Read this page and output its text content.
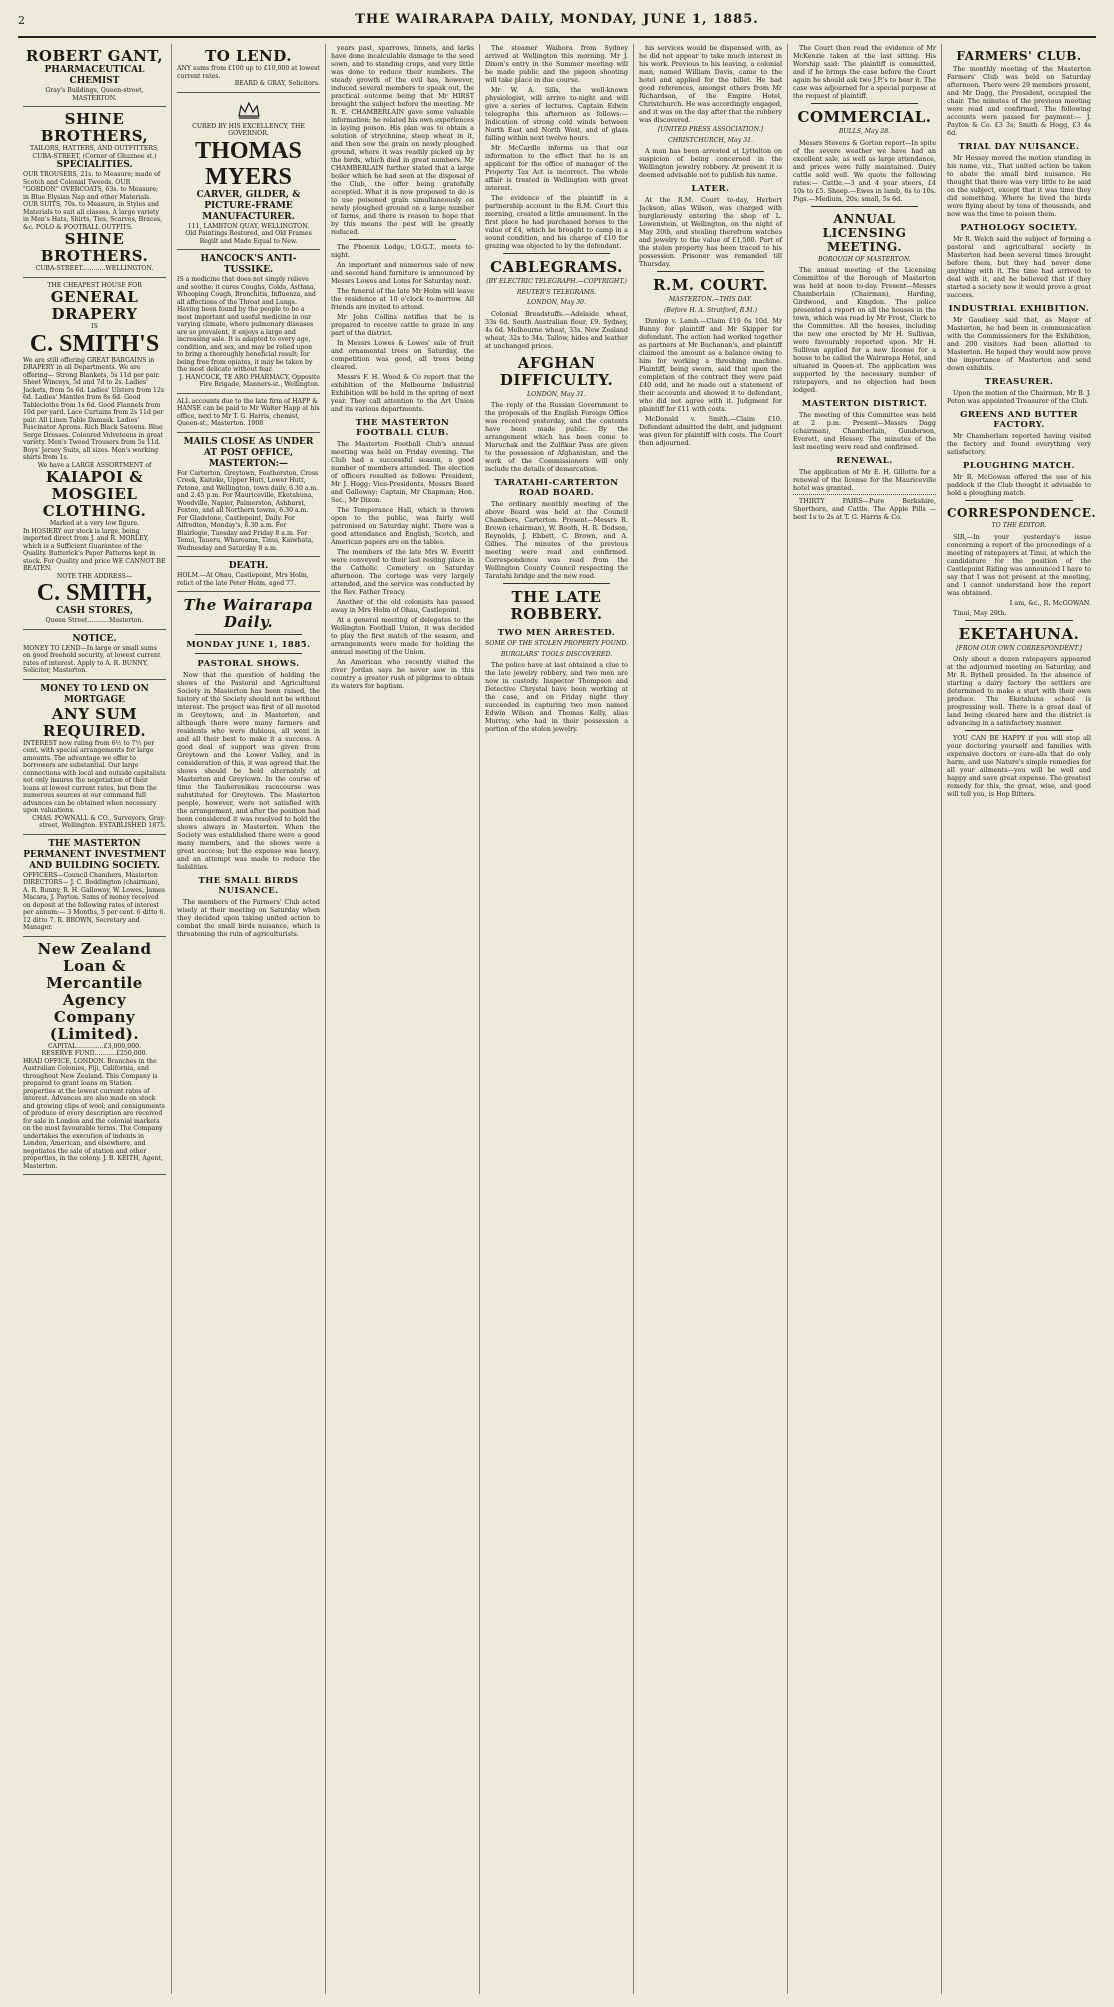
2	THE WAIRARAPA DAILY, MONDAY, JUNE 1, 1885.
ROBERT GANT,
PHARMACEUTICAL CHEMIST
Gray's Buildings, Queen-street,
MASTERTON.
SHINE BROTHERS,
TAILORS, HATTERS, AND OUTFITTERS,
CUBA-STREET, (Corner of Ghuznee st.)
SPECIALITIES.
OUR TROUSERS, 21s. to Measure; made of Scotch and Colonial Tweeds. OUR "GORDON" OVERCOATS, 63s. to Measure; in Blue Elysian Nap and other Materials. OUR SUITS, 70s. to Measure, in Styles and Materials to suit all classes. A large variety in Men's Hats, Shirts, Ties, Scarves, Braces, &c. POLO & FOOTBALL OUTFITS.
SHINE BROTHERS.
CUBA-STREET............WELLINGTON.
THE CHEAPEST HOUSE FOR
GENERAL DRAPERY
IS
C. SMITH'S
We are still offering GREAT BARGAINS in DRAPERY in all Departments. We are offering— Strong Blankets, 5s 11d per pair. Sheet Winceys, 5d and 7d to 2s. Ladies' Jackets, from 5s 6d. Ladies' Ulsters from 12s 6d. Ladies' Mantles from 8s 6d. Good Tablecloths from 1s 6d. Good Flannels from 10d per yard. Lace Curtains from 2s 11d per pair. All Linen Table Damask. Ladies' Fascinator Aprons. Rich Black Sateens. Blue Serge Dresses. Coloured Velveteens in great variety. Men's Tweed Trousers from 5s 11d. Boys' Jersey Suits, all sizes. Men's working shirts from 1s.
We have a LARGE ASSORTMENT of
KAIAPOI & MOSGIEL
CLOTHING.
Marked at a very low figure.
In HOSIERY our stock is large, being imported direct from J. and R. MORLEY, which is a Sufficient Guarantee of the Quality. Butterick's Paper Patterns kept in stock. For Quality and price WE CANNOT BE BEATEN.
NOTE THE ADDRESS—
C. SMITH,
CASH STORES,
Queen Street...........Masterton.
NOTICE.
MONEY TO LEND—In large or small sums on good freehold security, at lowest current rates of interest. Apply to A. R. BUNNY, Solicitor, Masterton.
MONEY TO LEND ON MORTGAGE
ANY SUM REQUIRED.
INTEREST now ruling from 6½ to 7½ per cent. with special arrangements for large amounts. The advantage we offer to borrowers are substantial. Our large connections with local and outside capitalists not only insures the negotiation of their loans at lowest current rates, but from the numerous sources at our command full advances can be obtained when necessary upon valuations.
CHAS. POWNALL & CO., Surveyors, Gray-street, Wellington. ESTABLISHED 1875.
THE MASTERTON PERMANENT INVESTMENT AND BUILDING SOCIETY.
OFFICERS—Council Chambers, Masterton DIRECTORS— J. C. Boddington (chairman), A. R. Bunny, R. H. Galloway, W. Lowes, James Macara, J. Payton. Sums of money received on deposit at the following rates of interest per annum:— 3 Months, 5 per cent. 6 ditto 6. 12 ditto 7. R. BROWN, Secretary and Manager.
New Zealand Loan & Mercantile Agency Company (Limited).
CAPITAL..............£3,000,000.
RESERVE FUND...........£250,000.
HEAD OFFICE, LONDON. Branches in the Australian Colonies, Fiji, California, and throughout New Zealand. This Company is prepared to grant loans on Station properties at the lowest current rates of interest. Advances are also made on stock and growing clips of wool; and consignments of produce of every description are received for sale in London and the colonial markets on the most favourable terms. The Company undertakes the execution of indents in London, American, and elsewhere, and negotiates the sale of station and other properties, in the colony. J. B. KEITH, Agent, Masterton.
TO LEND.
ANY sums from £100 up to £10,000 at lowest current rates.
BEARD & GRAY, Solicitors.
CURED BY HIS EXCELLENCY, THE GOVERNOR.
THOMAS MYERS
CARVER, GILDER, & PICTURE-FRAME MANUFACTURER.
111, LAMBTON QUAY, WELLINGTON.
Old Paintings Restored, and Old Frames Regilt and Made Equal to New.
HANCOCK'S ANTI-TUSSIKE.
IS a medicine that does not simply relieve and soothe; it cures Coughs, Colds, Asthma, Whooping Cough, Bronchitis, Influenza, and all affections of the Throat and Lungs. Having been found by the people to be a most important and useful medicine in our varying climate, where pulmonary diseases are so prevalent, it enjoys a large and increasing sale. It is adapted to every age, condition, and sex, and may be relied upon to bring a thoroughly beneficial result; for being free from opiates, it may be taken by the most delicate without fear.
J. HANCOCK, TE ARO PHARMACY, Opposite Fire Brigade, Manners-st., Wellington.
ALL accounts due to the late firm of HAPP & HANSE can be paid to Mr Walter Happ at his office, next to Mr T. G. Harris, chemist, Queen-st., Masterton. 1908
MAILS CLOSE AS UNDER AT POST OFFICE, MASTERTON:—
For Carterton, Greytown, Featherston, Cross Creek, Kaitoke, Upper Hutt, Lower Hutt, Petone, and Wellington, town daily, 6.30 a.m. and 2.45 p.m. For Mauriceville, Eketahuna, Woodville, Napier, Palmerston, Ashhurst, Foxton, and all Northern towns, 6.30 a.m. For Gladstone, Castlepoint, Daily. For Alfredton, Monday's, 6.30 a.m. For Blairlogie, Tuesday and Friday 8 a.m. For Tenui, Taueru, Whareama, Tinui, Kaiwhata, Wednesday and Saturday 8 a.m.
DEATH.
HOLM.—At Ohau, Castlepoint, Mrs Holm, relict of the late Peter Holm, aged 77.
The Wairarapa Daily.
MONDAY JUNE 1, 1885.
PASTORAL SHOWS.

Now that the question of holding the shows of the Pastoral and Agricultural Society in Masterton has been raised, the history of the Society should not be without interest. The project was first of all mooted in Greytown, and in Masterton, and although there were many farmers and residents who were dubious, all went in and all their best to make it a success. A good deal of support was given from Greytown and the Lower Valley, and in consideration of this, it was agreed that the shows should be held alternately at Masterton and Greytown. In the course of time the Tauherenikau racecourse was substituted for Greytown. The Masterton people, however, were not satisfied with the arrangement, and after the position had been considered it was resolved to hold the shows always in Masterton. When the Society was established there were a good many members, and the shows were a great success; but the expense was heavy, and an attempt was made to reduce the liabilities.

THE SMALL BIRDS NUISANCE.

The members of the Farmers' Club acted wisely at their meeting on Saturday when they decided upon taking united action to combat the small birds nuisance, which is threatening the ruin of agriculturists.

years past, sparrows, linnets, and larks have done incalculable damage to the seed sown, and to standing crops, and very little was done to reduce their numbers. The steady growth of the evil has, however, induced several members to speak out, the practical outcome being that Mr HIRST brought the subject before the meeting. Mr R. E. CHAMBERLAIN gave some valuable information; he related his own experiences in laying poison. His plan was to obtain a solution of strychnine, steep wheat in it, and then sow the grain on newly ploughed ground, where it was readily picked up by the birds, which died in great numbers. Mr CHAMBERLAIN further stated that a large boiler which he had seen at the disposal of the Club, the offer being gratefully accepted. What it is now proposed to do is to use poisoned grain simultaneously on newly ploughed ground on a large number of farms, and there is reason to hope that by this means the pest will be greatly reduced.

The Phoenix Lodge, I.O.G.T., meets to-night.

An important and numerous sale of new and second hand furniture is announced by Messrs Lowes and Loms for Saturday next.

The funeral of the late Mr Holm will leave the residence at 10 o'clock to-morrow. All friends are invited to attend.

Mr John Collins notifies that he is prepared to receive cattle to graze in any part of the district.

In Messrs Lowes & Lowes' sale of fruit and ornamental trees on Saturday, the competition was good, all trees being cleared.

Messrs F. H. Wood & Co report that the exhibition of the Melbourne Industrial Exhibition will be held in the spring of next year. They call attention to the Art Union and its various departments.

THE MASTERTON FOOTBALL CLUB.

The Masterton Football Club's annual meeting was held on Friday evening. The Club had a successful season, a good number of members attended. The election of officers resulted as follows: President, Mr J. Hogg; Vice-Presidents, Messrs Beard and Galloway; Captain, Mr Chapman; Hon. Sec., Mr Dixon.

The Temperance Hall, which is thrown open to the public, was fairly well patronised on Saturday night. There was a good attendance and English, Scotch, and American papers are on the tables.

The members of the late Mrs W. Everitt were conveyed to their last resting place in the Catholic Cemetery on Saturday afternoon. The cortege was very largely attended, and the service was conducted by the Rev. Father Treacy.

Another of the old colonists has passed away in Mrs Holm of Ohau, Castlepoint.

At a general meeting of delegates to the Wellington Football Union, it was decided to play the first match of the season, and arrangements were made for holding the annual meeting of the Union.

An American who recently visited the river Jordan says he never saw in this country a greater rush of pilgrims to obtain its waters for baptism.

The steamer Waihora from Sydney arrived at Wellington this morning. Mr J. Dixon's entry in the Summer meeting will be made public and the pigeon shooting will take place in due course.

Mr W. A. Sills, the well-known physiologist, will arrive to-night and will give a series of lectures. Captain Edwin telegraphs this afternoon as follows:— Indication of strong cold winds between North East and North West, and of glass falling within next twelve hours.

Mr McCardle informs us that our information to the effect that he is an applicant for the office of manager of the Property Tax Act is incorrect. The whole affair is treated in Wellington with great interest.

The evidence of the plaintiff in a partnership account in the R.M. Court this morning, created a little amusement. In the first place he had purchased horses to the value of £4, which he brought to camp in a sound condition, and his charge of £10 for grazing was objected to by the defendant.

CABLEGRAMS.
(BY ELECTRIC TELEGRAPH.—COPYRIGHT.)
REUTER'S TELEGRAMS.
LONDON, May 30.

Colonial Breadstuffs.—Adelaide wheat, 33s 6d. South Australian flour, £9. Sydney, 4s 6d. Melbourne wheat, 33s. New Zealand wheat, 32s to 34s. Tallow, hides and leather at unchanged prices.

AFGHAN DIFFICULTY.
LONDON, May 31.

The reply of the Russian Government to the proposals of the English Foreign Office was received yesterday, and the contents have been made public. By the arrangement which has been come to Maruchak and the Zulfikar Pass are given to the possession of Afghanistan, and the work of the Commissioners will only include the details of demarcation.

TARATAHI-CARTERTON ROAD BOARD.

The ordinary monthly meeting of the above Board was held at the Council Chambers, Carterton. Present—Messrs R. Brown (chairman), W. Booth, H. R. Dodson, Reynolds, J. Ebbett, C. Brown, and A. Gillies. The minutes of the previous meeting were read and confirmed. Correspondence was read from the Wellington County Council respecting the Taratahi bridge and the new road.

THE LATE ROBBERY.
TWO MEN ARRESTED.
SOME OF THE STOLEN PROPERTY FOUND.
BURGLARS' TOOLS DISCOVERED.

The police have at last obtained a clue to the late jewelry robbery, and two men are now in custody. Inspector Thompson and Detective Chrystal have been working at the case, and on Friday night they succeeded in capturing two men named Edwin Wilson and Thomas Kelly, alias Murray, who had in their possession a portion of the stolen jewelry.

his services would be dispensed with, as he did not appear to take much interest in his work. Previous to his leaving, a colonial man, named William Davis, came to the hotel and applied for the billet. He had good references, amongst others from Mr Richardson, of the Empire Hotel, Christchurch. He was accordingly engaged, and it was on the day after that the robbery was discovered.

[UNITED PRESS ASSOCIATION.]
CHRISTCHURCH, May 31.

A man has been arrested at Lyttelton on suspicion of being concerned in the Wellington jewelry robbery. At present it is deemed advisable not to publish his name.

LATER.

At the R.M. Court to-day, Herbert Jackson, alias Wilson, was charged with burglariously entering the shop of L. Lowenstein, at Wellington, on the night of May 20th, and stealing therefrom watches and jewelry to the value of £1,500. Part of the stolen property has been traced to his possession. Prisoner was remanded till Thursday.

R.M. COURT.
MASTERTON.—THIS DAY.
(Before H. A. Stratford, R.M.)

Dunlop v. Lamb.—Claim £19 6s 10d. Mr Bunny for plaintiff and Mr Skipper for defendant. The action had worked together as partners at Mr Buchanan's, and plaintiff claimed the amount as a balance owing to him for working a threshing machine. Plaintiff, being sworn, said that upon the completion of the contract they were paid £40 odd, and he made out a statement of their accounts and showed it to defendant, who did not agree with it. Judgment for plaintiff for £11 with costs.

McDonald v. Smith.—Claim £10. Defendant admitted the debt, and judgment was given for plaintiff with costs. The Court then adjourned.

The Court then read the evidence of Mr McKenzie taken at the last sitting. His Worship said: The plaintiff is committed, and if he brings the case before the Court again he should ask two J.P.'s to hear it. The case was adjourned for a special purpose at the request of plaintiff.

COMMERCIAL.
BULLS, May 28.

Messrs Stevens & Gorton report—In spite of the severe weather we have had an excellent sale, as well as large attendance, and prices were fully maintained. Dairy cattle sold well. We quote the following rates:— Cattle.—3 and 4 year steers, £4 10s to £5. Sheep.—Ewes in lamb, 6s to 10s. Pigs.—Medium, 20s; small, 5s 6d.

ANNUAL LICENSING MEETING.
BOROUGH OF MASTERTON.

The annual meeting of the Licensing Committee of the Borough of Masterton was held at noon to-day. Present—Messrs Chamberlain (Chairman), Harding, Girdwood, and Kingdon. The police presented a report on all the houses in the town, which was read by Mr Frost, Clerk to the Committee. All the houses, including the new one erected by Mr H. Sullivan, were favourably reported upon. Mr H. Sullivan applied for a new license for a house to be called the Wairarapa Hotel, and situated in Queen-st. The application was supported by the necessary number of ratepayers, and no objection had been lodged.

MASTERTON DISTRICT.

The meeting of this Committee was held at 2 p.m. Present—Messrs Dagg (chairman), Chamberlain, Gunderson, Everett, and Hessey. The minutes of the last meeting were read and confirmed.

RENEWAL.

The application of Mr E. H. Gillotte for a renewal of the license for the Mauriceville hotel was granted.

THIRTY PAIRS—Pure Berkshire, Shorthorn, and Cattle. The Apple Pills — best 1s to 2s at T. G. Harris & Co.

FARMERS' CLUB.

The monthly meeting of the Masterton Farmers' Club was held on Saturday afternoon. There were 29 members present, and Mr Dagg, the President, occupied the chair. The minutes of the previous meeting were read and confirmed. The following accounts were passed for payment:— J. Payton & Co. £3 3s; Smith & Hogg, £3 4s 6d.

TRIAL DAY NUISANCE.

Mr Hessey moved the motion standing in his name, viz., That united action be taken to abate the small bird nuisance. He thought that there was very little to be said on the subject, except that it was time they did something. Where he lived the birds were flying about by tens of thousands, and now was the time to poison them.

PATHOLOGY SOCIETY.

Mr R. Welch said the subject of forming a pastoral and agricultural society in Masterton had been several times brought before them, but they had never done anything with it. The time had arrived to deal with it, and he believed that if they started a society now it would prove a great success.

INDUSTRIAL EXHIBITION.

Mr Gaudieey said that, as Mayor of Masterton, he had been in communication with the Commissioners for the Exhibition, and 200 visitors had been allotted to Masterton. He hoped they would now prove the importance of Masterton and send down exhibits.

TREASURER.

Upon the motion of the Chairman, Mr B. J. Peton was appointed Treasurer of the Club.

GREENS AND BUTTER FACTORY.

Mr Chamberlain reported having visited the factory and found everything very satisfactory.

PLOUGHING MATCH.

Mr R. McGowan offered the use of his paddock if the Club thought it advisable to hold a ploughing match.

CORRESPONDENCE.
TO THE EDITOR.

SIR,—In your yesterday's issue concerning a report of the proceedings of a meeting of ratepayers at Tinui, at which the candidature for the position of the Castlepoint Riding was announced I have to say that I was not present at the meeting, and I cannot understand how the report was obtained.

I am, &c., R. McGOWAN.

Tinui, May 29th.

EKETAHUNA.
[FROM OUR OWN CORRESPONDENT.]

Only about a dozen ratepayers appeared at the adjourned meeting on Saturday, and Mr R. Bythell presided. In the absence of starting a dairy factory the settlers are determined to make a start with their own produce. The Eketahuna school is progressing well. There is a great deal of land being cleared here and the district is advancing in a satisfactory manner.

YOU CAN BE HAPPY if you will stop all your doctoring yourself and families with expensive doctors or cure-alls that do only harm, and use Nature's simple remedies for all your ailments—you will be well and happy and save great expense. The greatest remedy for this, the great, wise, and good will tell you, is Hop Bitters.
